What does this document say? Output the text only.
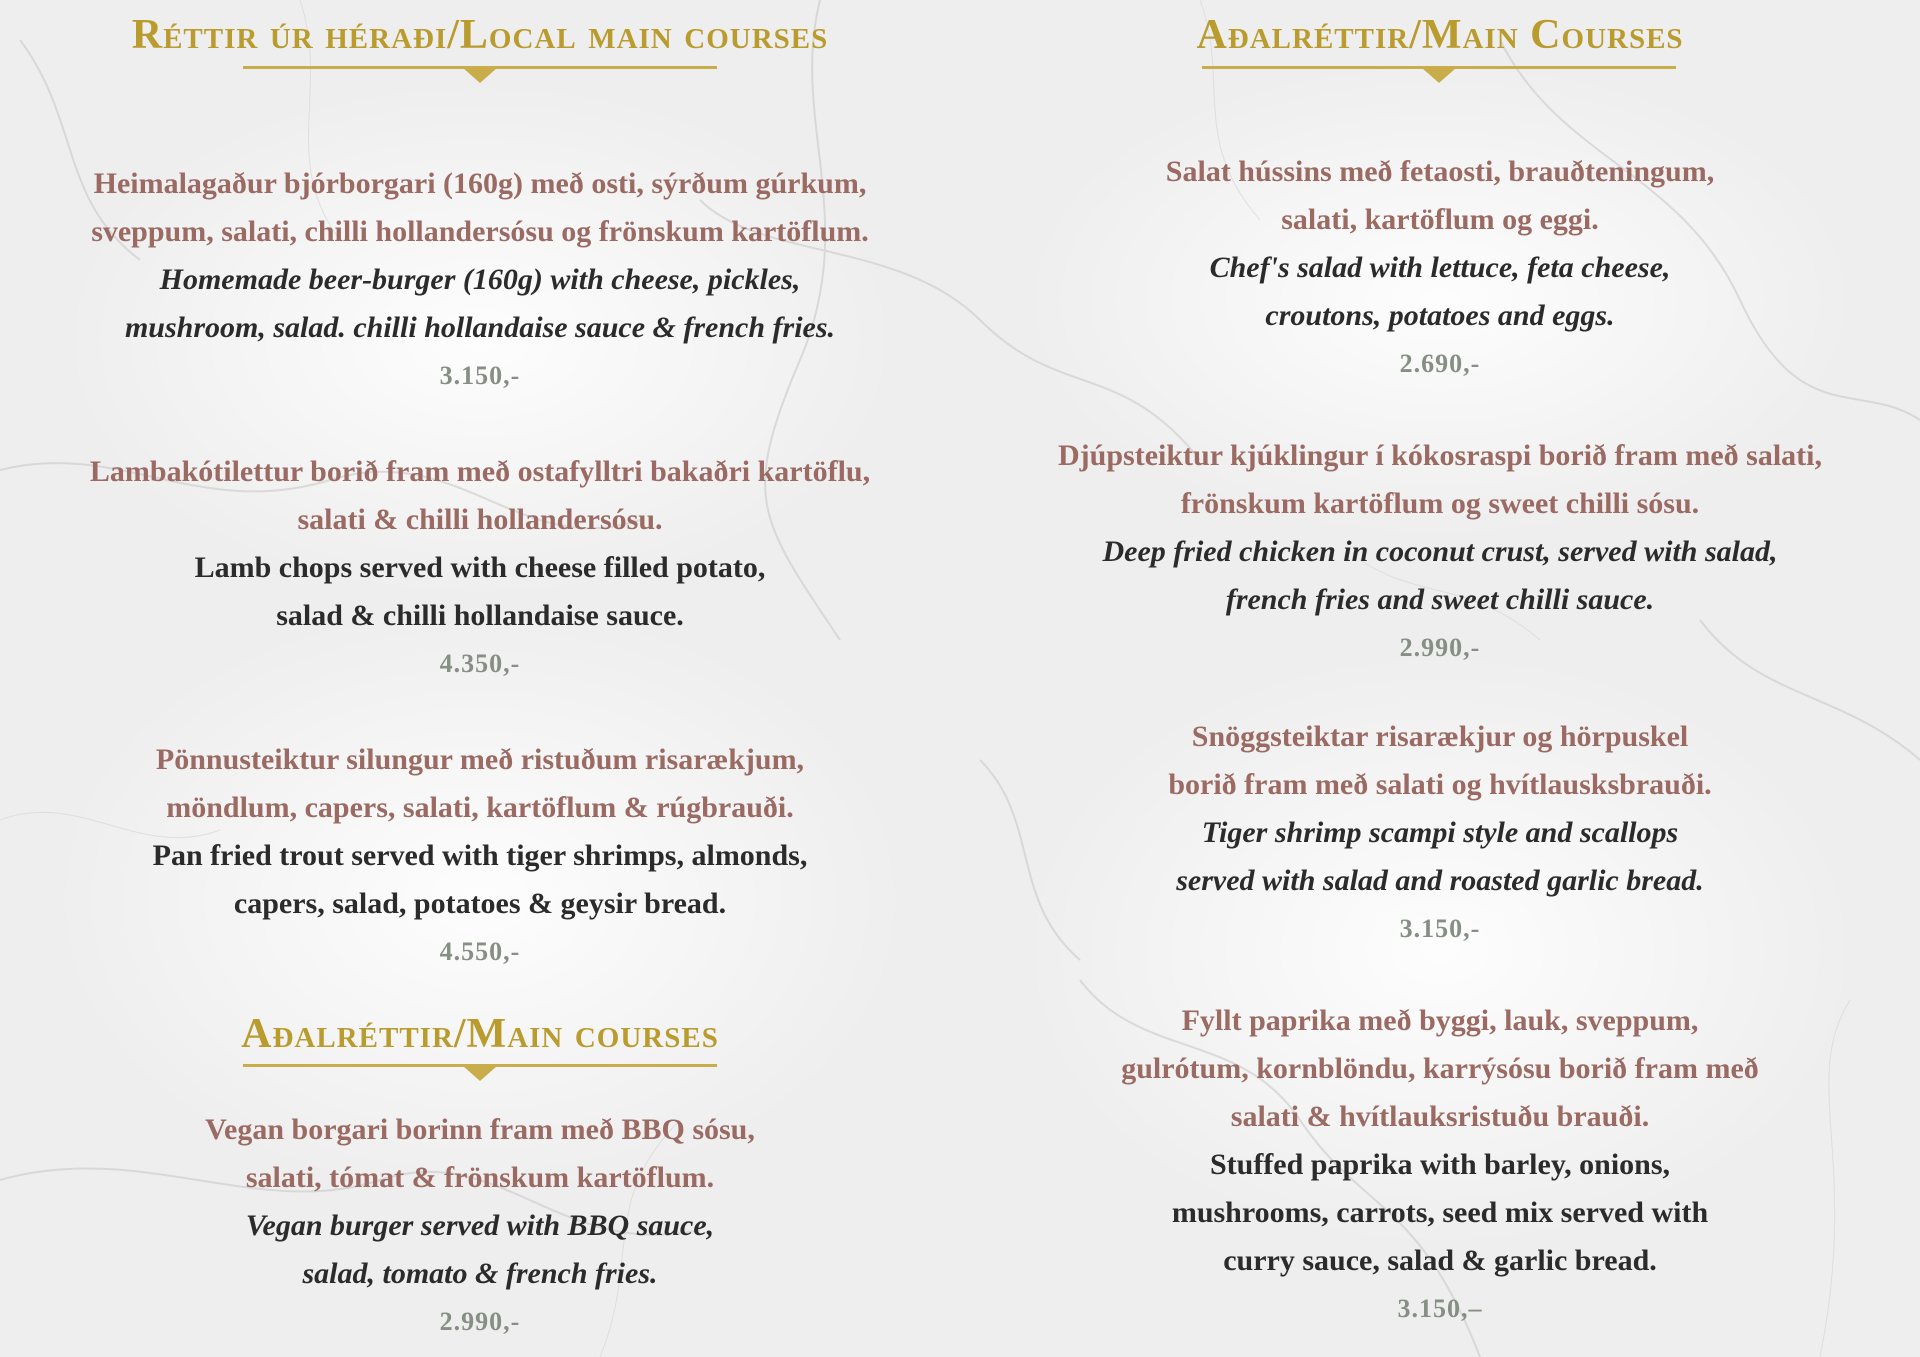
Réttir úr héraði/Local main courses
Heimalagaður bjórborgari (160g) með osti, sýrðum gúrkum,
sveppum, salati, chilli hollandersósu og frönskum kartöflum.
Homemade beer-burger (160g) with cheese, pickles,
mushroom, salad. chilli hollandaise sauce & french fries.
3.150,-
Lambakótilettur borið fram með ostafylltri bakaðri kartöflu,
salati & chilli hollandersósu.
Lamb chops served with cheese filled potato,
salad & chilli hollandaise sauce.
4.350,-
Pönnusteiktur silungur með ristuðum risarækjum,
möndlum, capers, salati, kartöflum & rúgbrauði.
Pan fried trout served with tiger shrimps, almonds,
capers, salad, potatoes & geysir bread.
4.550,-
Aðalréttir/Main courses
Vegan borgari borinn fram með BBQ sósu,
salati, tómat & frönskum kartöflum.
Vegan burger served with BBQ sauce,
salad, tomato & french fries.
2.990,-
Aðalréttir/Main Courses
Salat hússins með fetaosti, brauðteningum,
salati, kartöflum og eggi.
Chef's salad with lettuce, feta cheese,
croutons, potatoes and eggs.
2.690,-
Djúpsteiktur kjúklingur í kókosraspi borið fram með salati,
frönskum kartöflum og sweet chilli sósu.
Deep fried chicken in coconut crust, served with salad,
french fries and sweet chilli sauce.
2.990,-
Snöggsteiktar risarækjur og hörpuskel
borið fram með salati og hvítlausksbrauði.
Tiger shrimp scampi style and scallops
served with salad and roasted garlic bread.
3.150,-
Fyllt paprika með byggi, lauk, sveppum,
gulrótum, kornblöndu, karrýsósu borið fram með
salati & hvítlauksristuðu brauði.
Stuffed paprika with barley, onions,
mushrooms, carrots, seed mix served with
curry sauce, salad & garlic bread.
3.150,–
